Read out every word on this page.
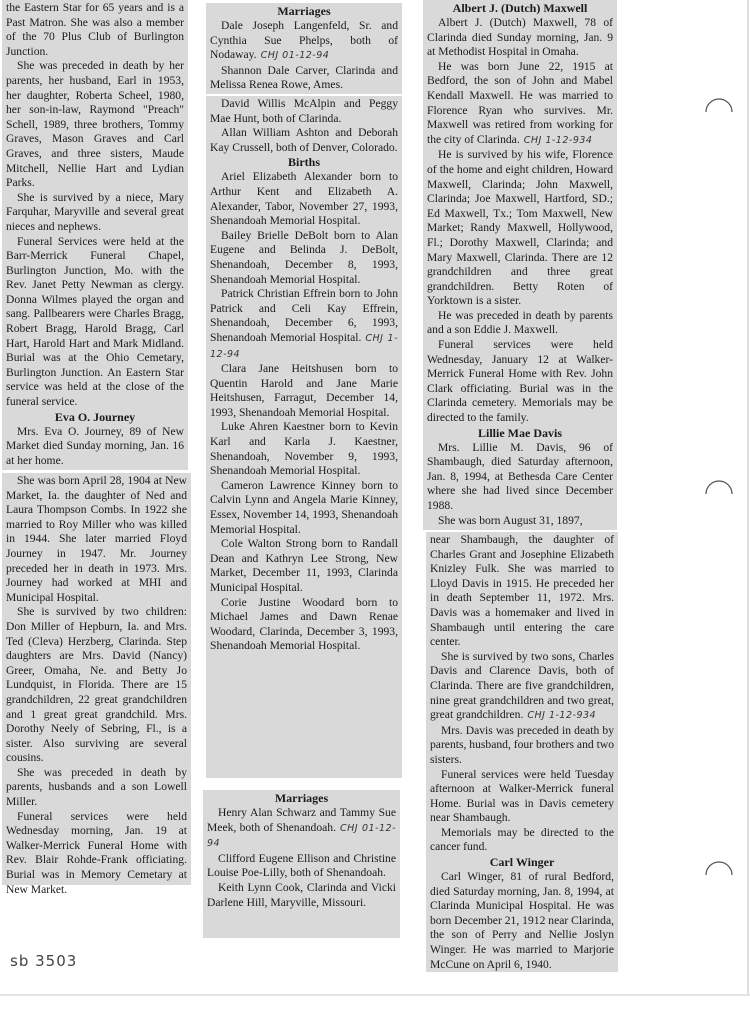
the Eastern Star for 65 years and is a Past Matron. She was also a member of the 70 Plus Club of Burlington Junction.

She was preceded in death by her parents, her husband, Earl in 1953, her daughter, Roberta Scheel, 1980, her son-in-law, Raymond "Preach" Schell, 1989, three brothers, Tommy Graves, Mason Graves and Carl Graves, and three sisters, Maude Mitchell, Nellie Hart and Lydian Parks.

She is survived by a niece, Mary Farquhar, Maryville and several great nieces and nephews.

Funeral Services were held at the Barr-Merrick Funeral Chapel, Burlington Junction, Mo. with the Rev. Janet Petty Newman as clergy. Donna Wilmes played the organ and sang. Pallbearers were Charles Bragg, Robert Bragg, Harold Bragg, Carl Hart, Harold Hart and Mark Midland. Burial was at the Ohio Cemetary, Burlington Junction. An Eastern Star service was held at the close of the funeral service.

Eva O. Journey

Mrs. Eva O. Journey, 89 of New Market died Sunday morning, Jan. 16 at her home.

She was born April 28, 1904 at New Market, Ia. the daughter of Ned and Laura Thompson Combs. In 1922 she married to Roy Miller who was killed in 1944. She later married Floyd Journey in 1947. Mr. Journey preceded her in death in 1973. Mrs. Journey had worked at MHI and Municipal Hospital.

She is survived by two children: Don Miller of Hepburn, Ia. and Mrs. Ted (Cleva) Herzberg, Clarinda. Step daughters are Mrs. David (Nancy) Greer, Omaha, Ne. and Betty Jo Lundquist, in Florida. There are 15 grandchildren, 22 great grandchildren and 1 great great grandchild. Mrs. Dorothy Neely of Sebring, Fl., is a sister. Also surviving are several cousins.

She was preceded in death by parents, husbands and a son Lowell Miller.

Funeral services were held Wednesday morning, Jan. 19 at Walker-Merrick Funeral Home with Rev. Blair Rohde-Frank officiating. Burial was in Memory Cemetary at New Market.

Marriages

Dale Joseph Langenfeld, Sr. and Cynthia Sue Phelps, both of Nodaway. CHJ 01-12-94

Shannon Dale Carver, Clarinda and Melissa Renea Rowe, Ames.

David Willis McAlpin and Peggy Mae Hunt, both of Clarinda.

Allan William Ashton and Deborah Kay Crussell, both of Denver, Colorado.

Births

Ariel Elizabeth Alexander born to Arthur Kent and Elizabeth A. Alexander, Tabor, November 27, 1993, Shenandoah Memorial Hospital.

Bailey Brielle DeBolt born to Alan Eugene and Belinda J. DeBolt, Shenandoah, December 8, 1993, Shenandoah Memorial Hospital.

Patrick Christian Effrein born to John Patrick and Celi Kay Effrein, Shenandoah, December 6, 1993, Shenandoah Memorial Hospital. CHJ 1-12-94

Clara Jane Heitshusen born to Quentin Harold and Jane Marie Heitshusen, Farragut, December 14, 1993, Shenandoah Memorial Hospital.

Luke Ahren Kaestner born to Kevin Karl and Karla J. Kaestner, Shenandoah, November 9, 1993, Shenandoah Memorial Hospital.

Cameron Lawrence Kinney born to Calvin Lynn and Angela Marie Kinney, Essex, November 14, 1993, Shenandoah Memorial Hospital.

Cole Walton Strong born to Randall Dean and Kathryn Lee Strong, New Market, December 11, 1993, Clarinda Municipal Hospital.

Corie Justine Woodard born to Michael James and Dawn Renae Woodard, Clarinda, December 3, 1993, Shenandoah Memorial Hospital.

Marriages

Henry Alan Schwarz and Tammy Sue Meek, both of Shenandoah. CHJ 01-12-94

Clifford Eugene Ellison and Christine Louise Poe-Lilly, both of Shenandoah.

Keith Lynn Cook, Clarinda and Vicki Darlene Hill, Maryville, Missouri.

Albert J. (Dutch) Maxwell

Albert J. (Dutch) Maxwell, 78 of Clarinda died Sunday morning, Jan. 9 at Methodist Hospital in Omaha.

He was born June 22, 1915 at Bedford, the son of John and Mabel Kendall Maxwell. He was married to Florence Ryan who survives. Mr. Maxwell was retired from working for the city of Clarinda. CHJ 1-12-934

He is survived by his wife, Florence of the home and eight children, Howard Maxwell, Clarinda; John Maxwell, Clarinda; Joe Maxwell, Hartford, SD.; Ed Maxwell, Tx.; Tom Maxwell, New Market; Randy Maxwell, Hollywood, Fl.; Dorothy Maxwell, Clarinda; and Mary Maxwell, Clarinda. There are 12 grandchildren and three great grandchildren. Betty Roten of Yorktown is a sister.

He was preceded in death by parents and a son Eddie J. Maxwell.

Funeral services were held Wednesday, January 12 at Walker-Merrick Funeral Home with Rev. John Clark officiating. Burial was in the Clarinda cemetery. Memorials may be directed to the family.

Lillie Mae Davis

Mrs. Lillie M. Davis, 96 of Shambaugh, died Saturday afternoon, Jan. 8, 1994, at Bethesda Care Center where she had lived since December 1988.

She was born August 31, 1897,

near Shambaugh, the daughter of Charles Grant and Josephine Elizabeth Knizley Fulk. She was married to Lloyd Davis in 1915. He preceded her in death September 11, 1972. Mrs. Davis was a homemaker and lived in Shambaugh until entering the care center.

She is survived by two sons, Charles Davis and Clarence Davis, both of Clarinda. There are five grandchildren, nine great grandchildren and two great, great grandchildren. CHJ 1-12-934

Mrs. Davis was preceded in death by parents, husband, four brothers and two sisters.

Funeral services were held Tuesday afternoon at Walker-Merrick funeral Home. Burial was in Davis cemetery near Shambaugh.

Memorials may be directed to the cancer fund.

Carl Winger

Carl Winger, 81 of rural Bedford, died Saturday morning, Jan. 8, 1994, at Clarinda Municipal Hospital. He was born December 21, 1912 near Clarinda, the son of Perry and Nellie Joslyn Winger. He was married to Marjorie McCune on April 6, 1940.

sb 3503
